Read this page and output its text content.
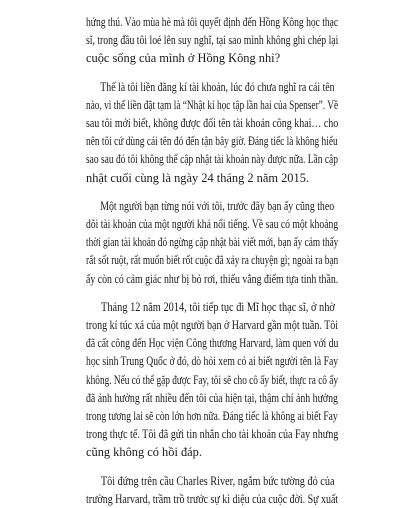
hứng thú. Vào mùa hè mà tôi quyết định đến Hồng Kông học thạc
sĩ, trong đầu tôi loé lên suy nghĩ, tại sao mình không ghi chép lại
cuộc sống của mình ở Hồng Kông nhỉ?

Thế là tôi liền đăng kí tài khoản, lúc đó chưa nghĩ ra cái tên
nào, vì thế liền đặt tạm là “Nhật kí học tập lần hai của Spenser”. Về
sau tôi mới biết, không được đổi tên tài khoản công khai… cho
nên tôi cứ dùng cái tên đó đến tận bây giờ. Đáng tiếc là không hiểu
sao sau đó tôi không thể cập nhật tài khoản này được nữa. Lần cập
nhật cuối cùng là ngày 24 tháng 2 năm 2015.

Một người bạn từng nói với tôi, trước đây bạn ấy cũng theo
dõi tài khoản của một người khá nổi tiếng. Về sau có một khoảng
thời gian tài khoản đó ngừng cập nhật bài viết mới, bạn ấy cảm thấy
rất sốt ruột, rất muốn biết rốt cuộc đã xảy ra chuyện gì; ngoài ra bạn
ấy còn có cảm giác như bị bỏ rơi, thiếu vắng điểm tựa tinh thần.

Tháng 12 năm 2014, tôi tiếp tục đi Mĩ học thạc sĩ, ở nhờ
trong kí túc xá của một người bạn ở Harvard gần một tuần. Tôi
đã cất công đến Học viện Công thương Harvard, làm quen với du
học sinh Trung Quốc ở đó, dò hỏi xem có ai biết người tên là Fay
không. Nếu có thể gặp được Fay, tôi sẽ cho cô ấy biết, thực ra cô ấy
đã ảnh hưởng rất nhiều đến tôi của hiện tại, thậm chí ảnh hưởng
trong tương lai sẽ còn lớn hơn nữa. Đáng tiếc là không ai biết Fay
trong thực tế. Tôi đã gửi tin nhắn cho tài khoản của Fay nhưng
cũng không có hồi đáp.

Tôi đứng trên cầu Charles River, ngắm bức tường đỏ của
trường Harvard, trầm trồ trước sự kì diệu của cuộc đời. Sự xuất
